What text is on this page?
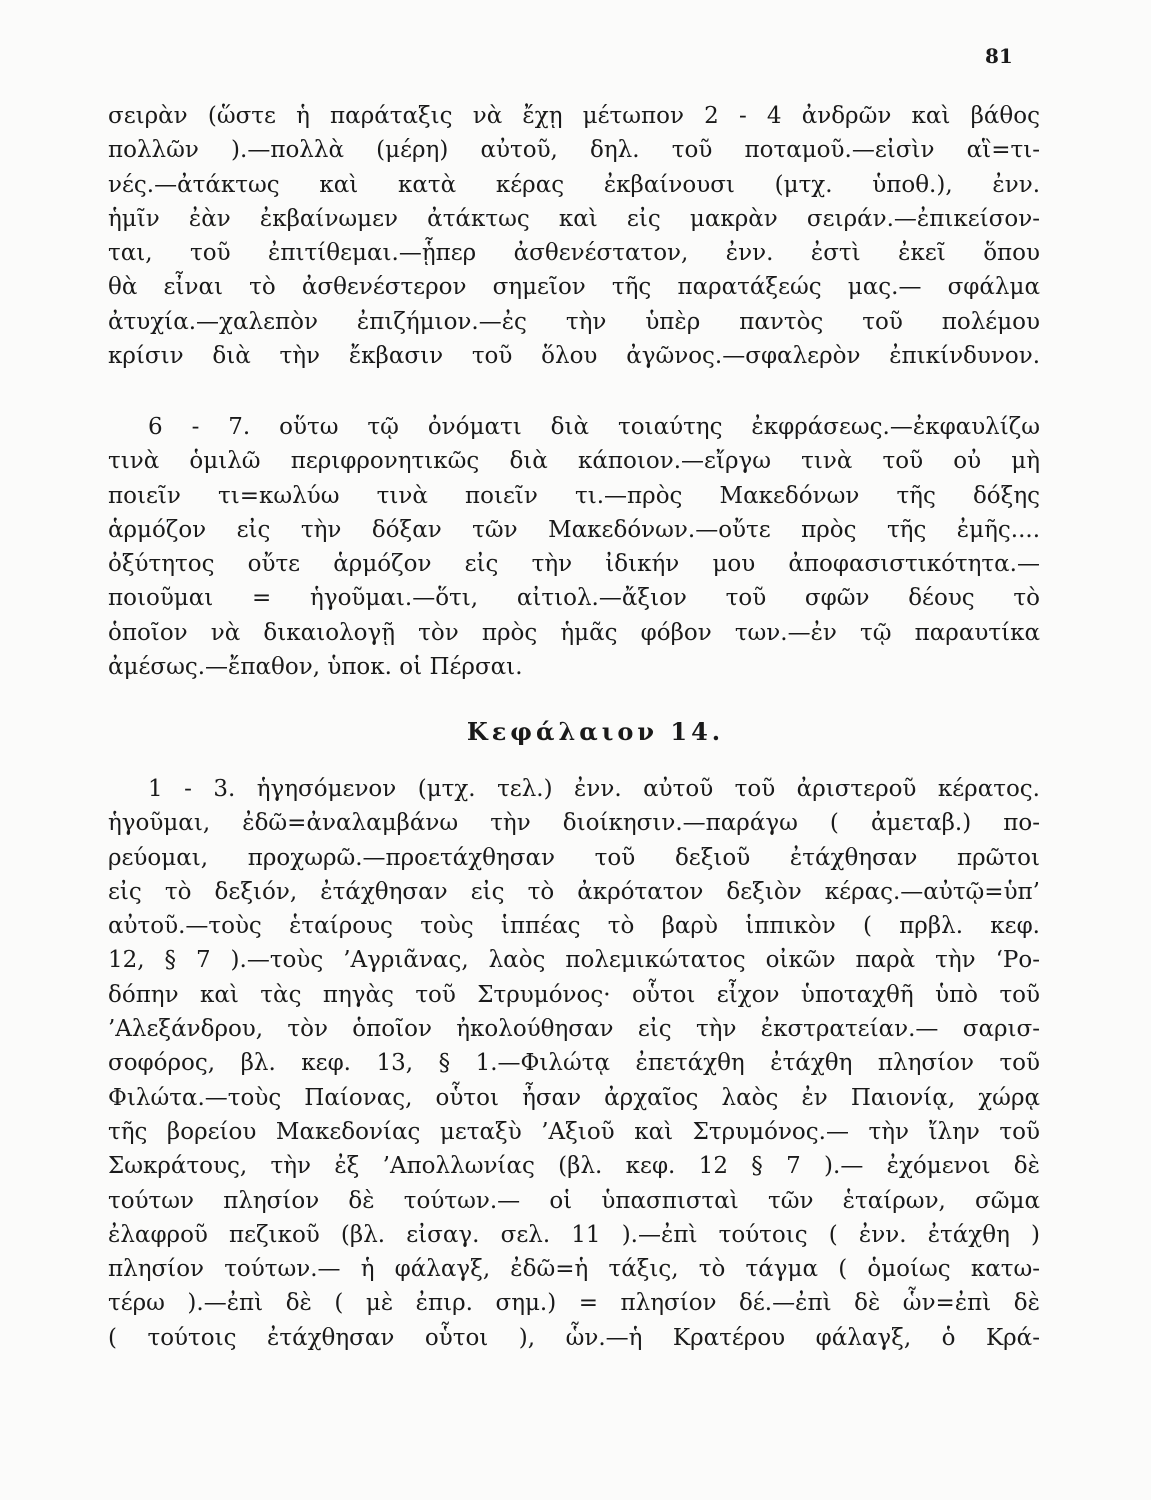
81
σειρὰν (ὥστε ἡ παράταξις νὰ ἔχῃ μέτωπον 2 - 4 ἀνδρῶν καὶ βάθος
πολλῶν ).—πολλὰ (μέρη) αὐτοῦ, δηλ. τοῦ ποταμοῦ.—εἰσὶν αἳ=τι-
νές.—ἀτάκτως καὶ κατὰ κέρας ἐκβαίνουσι (μτχ. ὑποθ.), ἐνν.
ἡμῖν ἐὰν ἐκβαίνωμεν ἀτάκτως καὶ εἰς μακρὰν σειράν.—ἐπικείσον-
ται, τοῦ ἐπιτίθεμαι.—ᾗπερ ἀσθενέστατον, ἐνν. ἐστὶ ἐκεῖ ὅπου
θὰ εἶναι τὸ ἀσθενέστερον σημεῖον τῆς παρατάξεώς μας.— σφάλμα
ἀτυχία.—χαλεπὸν ἐπιζήμιον.—ἐς τὴν ὑπὲρ παντὸς τοῦ πολέμου
κρίσιν διὰ τὴν ἔκβασιν τοῦ ὅλου ἀγῶνος.—σφαλερὸν ἐπικίνδυνον.
6 - 7. οὕτω τῷ ὀνόματι διὰ τοιαύτης ἐκφράσεως.—ἐκφαυλίζω
τινὰ ὁμιλῶ περιφρονητικῶς διὰ κάποιον.—εἴργω τινὰ τοῦ οὐ μὴ
ποιεῖν τι=κωλύω τινὰ ποιεῖν τι.—πρὸς Μακεδόνων τῆς δόξης
ἁρμόζον εἰς τὴν δόξαν τῶν Μακεδόνων.—οὔτε πρὸς τῆς ἐμῆς....
ὀξύτητος οὔτε ἁρμόζον εἰς τὴν ἰδικήν μου ἀποφασιστικότητα.—
ποιοῦμαι = ἡγοῦμαι.—ὅτι, αἰτιολ.—ἄξιον τοῦ σφῶν δέους τὸ
ὁποῖον νὰ δικαιολογῇ τὸν πρὸς ἡμᾶς φόβον των.—ἐν τῷ παραυτίκα
ἀμέσως.—ἔπαθον, ὑποκ. οἱ Πέρσαι.
Κεφάλαιον 14.
1 - 3. ἡγησόμενον (μτχ. τελ.) ἐνν. αὐτοῦ τοῦ ἀριστεροῦ κέρατος.
ἡγοῦμαι, ἐδῶ=ἀναλαμβάνω τὴν διοίκησιν.—παράγω ( ἀμεταβ.) πο-
ρεύομαι, προχωρῶ.—προετάχθησαν τοῦ δεξιοῦ ἐτάχθησαν πρῶτοι
εἰς τὸ δεξιόν, ἐτάχθησαν εἰς τὸ ἀκρότατον δεξιὸν κέρας.—αὐτῷ=ὑπ’
αὐτοῦ.—τοὺς ἑταίρους τοὺς ἱππέας τὸ βαρὺ ἱππικὸν ( πρβλ. κεφ.
12, § 7 ).—τοὺς ’Αγριᾶνας, λαὸς πολεμικώτατος οἰκῶν παρὰ τὴν ‘Ρο-
δόπην καὶ τὰς πηγὰς τοῦ Στρυμόνος· οὗτοι εἶχον ὑποταχθῆ ὑπὸ τοῦ
’Αλεξάνδρου, τὸν ὁποῖον ἠκολούθησαν εἰς τὴν ἐκστρατείαν.— σαρισ-
σοφόρος, βλ. κεφ. 13, § 1.—Φιλώτᾳ ἐπετάχθη ἐτάχθη πλησίον τοῦ
Φιλώτα.—τοὺς Παίονας, οὗτοι ἦσαν ἀρχαῖος λαὸς ἐν Παιονίᾳ, χώρᾳ
τῆς βορείου Μακεδονίας μεταξὺ ’Αξιοῦ καὶ Στρυμόνος.— τὴν ἴλην τοῦ
Σωκράτους, τὴν ἐξ ’Απολλωνίας (βλ. κεφ. 12 § 7 ).— ἐχόμενοι δὲ
τούτων πλησίον δὲ τούτων.— οἱ ὑπασπισταὶ τῶν ἑταίρων, σῶμα
ἐλαφροῦ πεζικοῦ (βλ. εἰσαγ. σελ. 11 ).—ἐπὶ τούτοις ( ἐνν. ἐτάχθη )
πλησίον τούτων.— ἡ φάλαγξ, ἐδῶ=ἡ τάξις, τὸ τάγμα ( ὁμοίως κατω-
τέρω ).—ἐπὶ δὲ ( μὲ ἐπιρ. σημ.) = πλησίον δέ.—ἐπὶ δὲ ὧν=ἐπὶ δὲ
( τούτοις ἐτάχθησαν οὗτοι ), ὧν.—ἡ Κρατέρου φάλαγξ, ὁ Κρά-
